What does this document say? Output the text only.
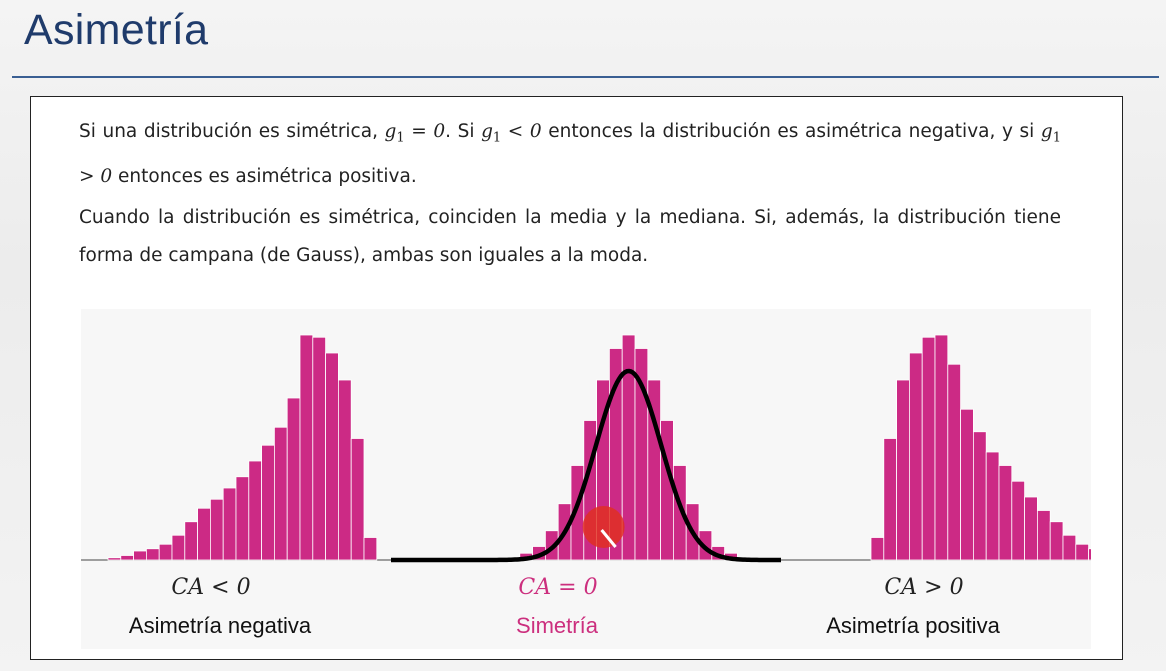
Asimetría

Si una distribución es simétrica, $g_1 = 0$. Si $g_1 < 0$ entonces la distribución es asimétrica negativa, y si $g_1 > 0$ entonces es asimétrica positiva.

Cuando la distribución es simétrica, coinciden la media y la mediana. Si, además, la distribución tiene forma de campana (de Gauss), ambas son iguales a la moda.

CA < 0
Asimetría negativa
CA = 0
Simetría
CA > 0
Asimetría positiva
